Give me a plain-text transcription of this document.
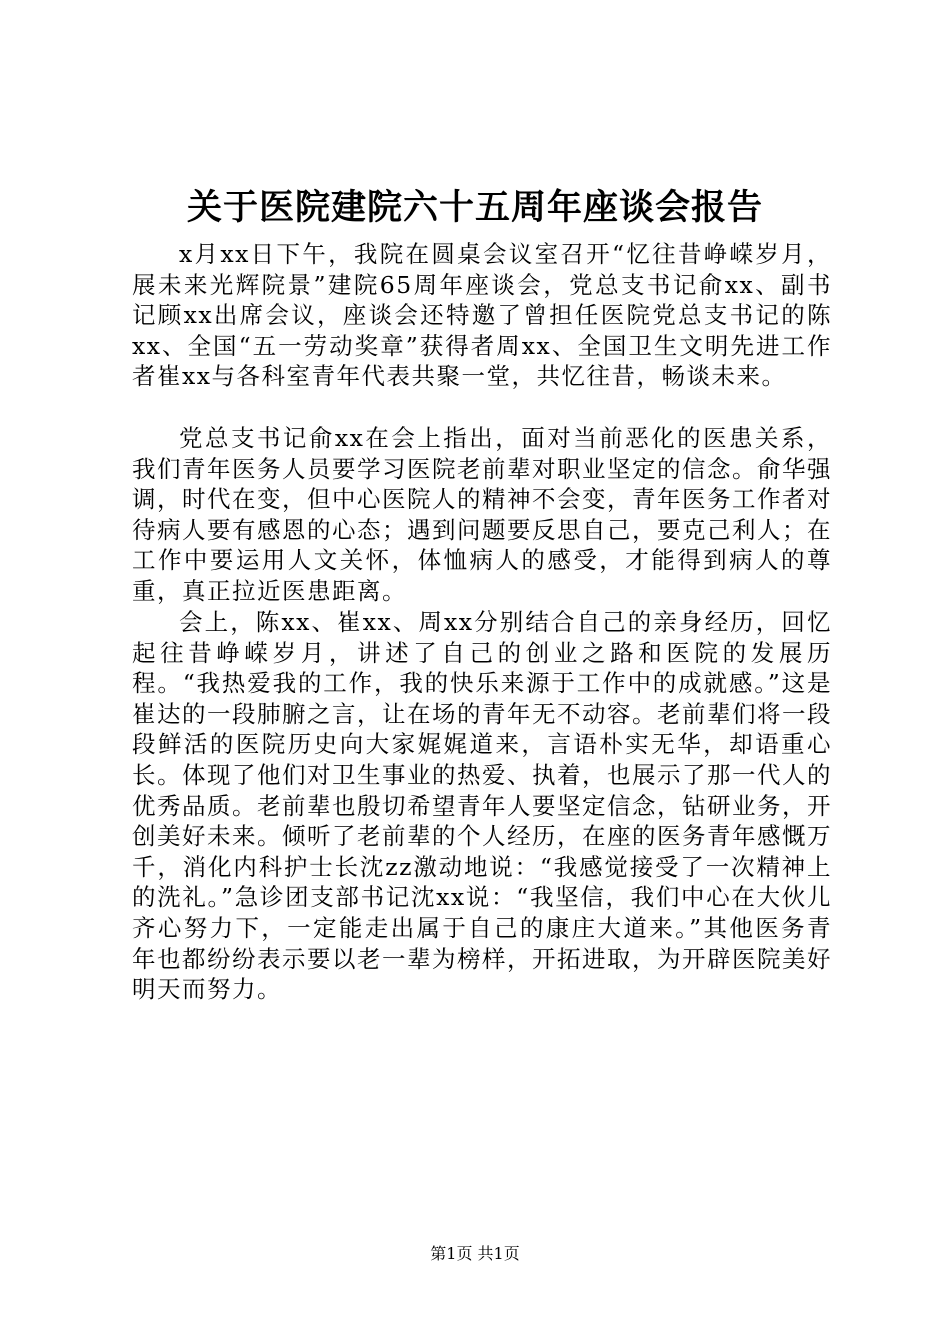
关于医院建院六十五周年座谈会报告

x月xx日下午，我院在圆桌会议室召开“忆往昔峥嵘岁月，展未来光辉院景”建院65周年座谈会，党总支书记俞xx、副书记顾xx出席会议，座谈会还特邀了曾担任医院党总支书记的陈xx、全国“五一劳动奖章”获得者周xx、全国卫生文明先进工作者崔xx与各科室青年代表共聚一堂，共忆往昔，畅谈未来。

党总支书记俞xx在会上指出，面对当前恶化的医患关系，我们青年医务人员要学习医院老前辈对职业坚定的信念。俞华强调，时代在变，但中心医院人的精神不会变，青年医务工作者对待病人要有感恩的心态；遇到问题要反思自己，要克己利人；在工作中要运用人文关怀，体恤病人的感受，才能得到病人的尊重，真正拉近医患距离。

会上，陈xx、崔xx、周xx分别结合自己的亲身经历，回忆起往昔峥嵘岁月，讲述了自己的创业之路和医院的发展历程。“我热爱我的工作，我的快乐来源于工作中的成就感。”这是崔达的一段肺腑之言，让在场的青年无不动容。老前辈们将一段段鲜活的医院历史向大家娓娓道来，言语朴实无华，却语重心长。体现了他们对卫生事业的热爱、执着，也展示了那一代人的优秀品质。老前辈也殷切希望青年人要坚定信念，钻研业务，开创美好未来。倾听了老前辈的个人经历，在座的医务青年感慨万千，消化内科护士长沈zz激动地说：“我感觉接受了一次精神上的洗礼。”急诊团支部书记沈xx说：“我坚信，我们中心在大伙儿齐心努力下，一定能走出属于自己的康庄大道来。”其他医务青年也都纷纷表示要以老一辈为榜样，开拓进取，为开辟医院美好明天而努力。

第1页 共1页
